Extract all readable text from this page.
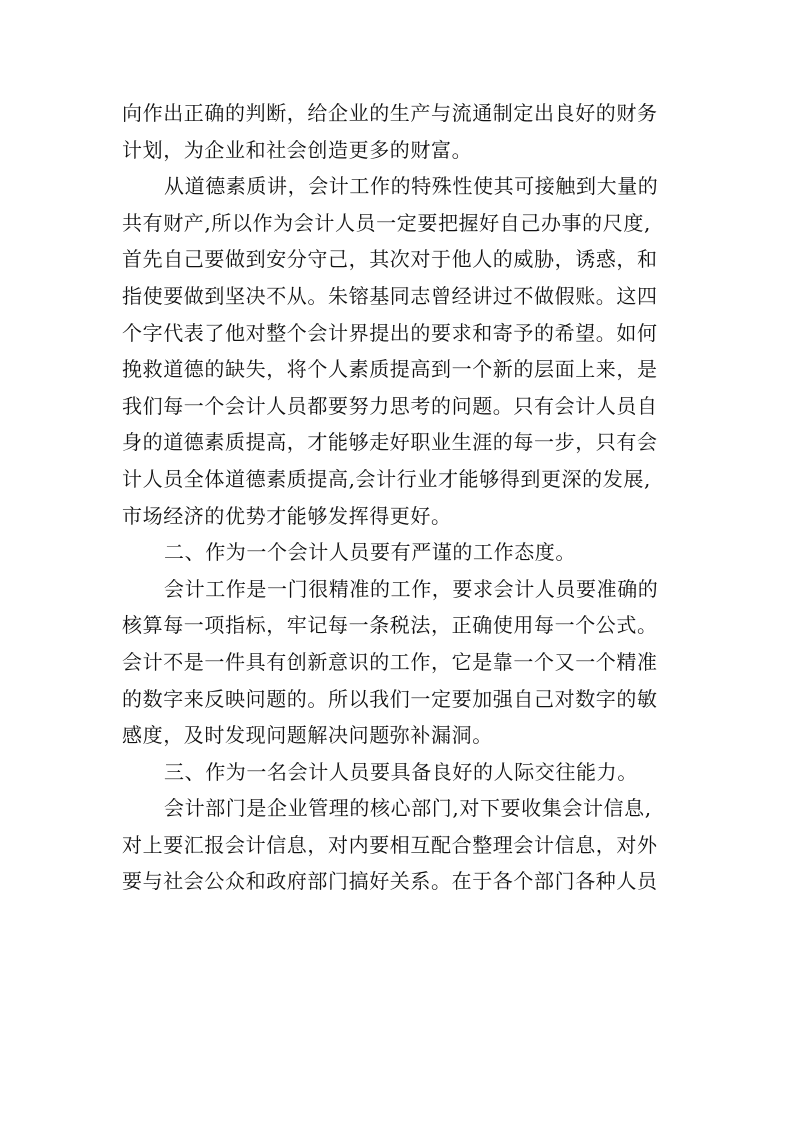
向作出正确的判断，给企业的生产与流通制定出良好的财务
计划，为企业和社会创造更多的财富。
从道德素质讲，会计工作的特殊性使其可接触到大量的
共有财产,所以作为会计人员一定要把握好自己办事的尺度,
首先自己要做到安分守己，其次对于他人的威胁，诱惑，和
指使要做到坚决不从。朱镕基同志曾经讲过不做假账。这四
个字代表了他对整个会计界提出的要求和寄予的希望。如何
挽救道德的缺失，将个人素质提高到一个新的层面上来，是
我们每一个会计人员都要努力思考的问题。只有会计人员自
身的道德素质提高，才能够走好职业生涯的每一步，只有会
计人员全体道德素质提高,会计行业才能够得到更深的发展,
市场经济的优势才能够发挥得更好。
二、作为一个会计人员要有严谨的工作态度。
会计工作是一门很精准的工作，要求会计人员要准确的
核算每一项指标，牢记每一条税法，正确使用每一个公式。
会计不是一件具有创新意识的工作，它是靠一个又一个精准
的数字来反映问题的。所以我们一定要加强自己对数字的敏
感度，及时发现问题解决问题弥补漏洞。
三、作为一名会计人员要具备良好的人际交往能力。
会计部门是企业管理的核心部门,对下要收集会计信息,
对上要汇报会计信息，对内要相互配合整理会计信息，对外
要与社会公众和政府部门搞好关系。在于各个部门各种人员
